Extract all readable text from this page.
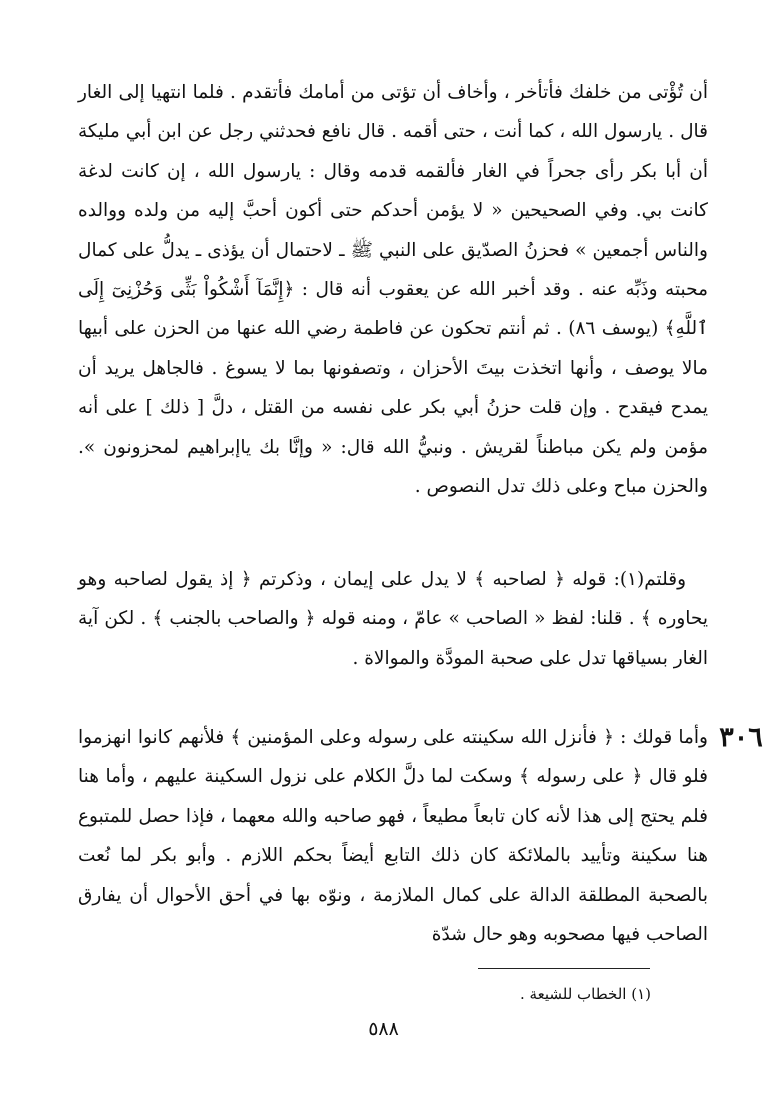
أن تُؤْتى من خلفك فأتأخر ، وأخاف أن تؤتى من أمامك فأتقدم . فلما انتهيا إلى الغار قال . يارسول الله ، كما أنت ، حتى أقمه . قال نافع فحدثني رجل عن ابن أبي مليكة أن أبا بكر رأى جحراً في الغار فألقمه قدمه وقال : يارسول الله ، إن كانت لدغة كانت بي. وفي الصحيحين « لا يؤمن أحدكم حتى أكون أحبَّ إليه من ولده ووالده والناس أجمعين » فحزنُ الصدّيق على النبي ﷺ ـ لاحتمال أن يؤذى ـ يدلُّ على كمال محبته وذَبِّه عنه . وقد أخبر الله عن يعقوب أنه قال : ﴿إِنَّمَآ أَشْكُواْ بَثِّى وَحُزْنِىٓ إِلَى ٱللَّهِ﴾ (يوسف ٨٦) . ثم أنتم تحكون عن فاطمة رضي الله عنها من الحزن على أبيها مالا يوصف ، وأنها اتخذت بيتَ الأحزان ، وتصفونها بما لا يسوغ . فالجاهل يريد أن يمدح فيقدح . وإن قلت حزنُ أبي بكر على نفسه من القتل ، دلَّ [ ذلك ] على أنه مؤمن ولم يكن مباطناً لقريش . ونبيُّ الله قال: « وإنَّا بك ياإبراهيم لمحزونون ». والحزن مباح وعلى ذلك تدل النصوص .

وقلتم(١): قوله ﴿ لصاحبه ﴾ لا يدل على إيمان ، وذكرتم ﴿ إذ يقول لصاحبه وهو يحاوره ﴾ . قلنا: لفظ « الصاحب » عامّ ، ومنه قوله ﴿ والصاحب بالجنب ﴾ . لكن آية الغار بسياقها تدل على صحبة المودَّة والموالاة .

٣٠٦

وأما قولك : ﴿ فأنزل الله سكينته على رسوله وعلى المؤمنين ﴾ فلأنهم كانوا انهزموا فلو قال ﴿ على رسوله ﴾ وسكت لما دلَّ الكلام على نزول السكينة عليهم ، وأما هنا فلم يحتج إلى هذا لأنه كان تابعاً مطيعاً ، فهو صاحبه والله معهما ، فإذا حصل للمتبوع هنا سكينة وتأييد بالملائكة كان ذلك التابع أيضاً بحكم اللازم . وأبو بكر لما نُعت بالصحبة المطلقة الدالة على كمال الملازمة ، ونوّه بها في أحق الأحوال أن يفارق الصاحب فيها مصحوبه وهو حال شدّة

(١) الخطاب للشيعة .

٥٨٨
